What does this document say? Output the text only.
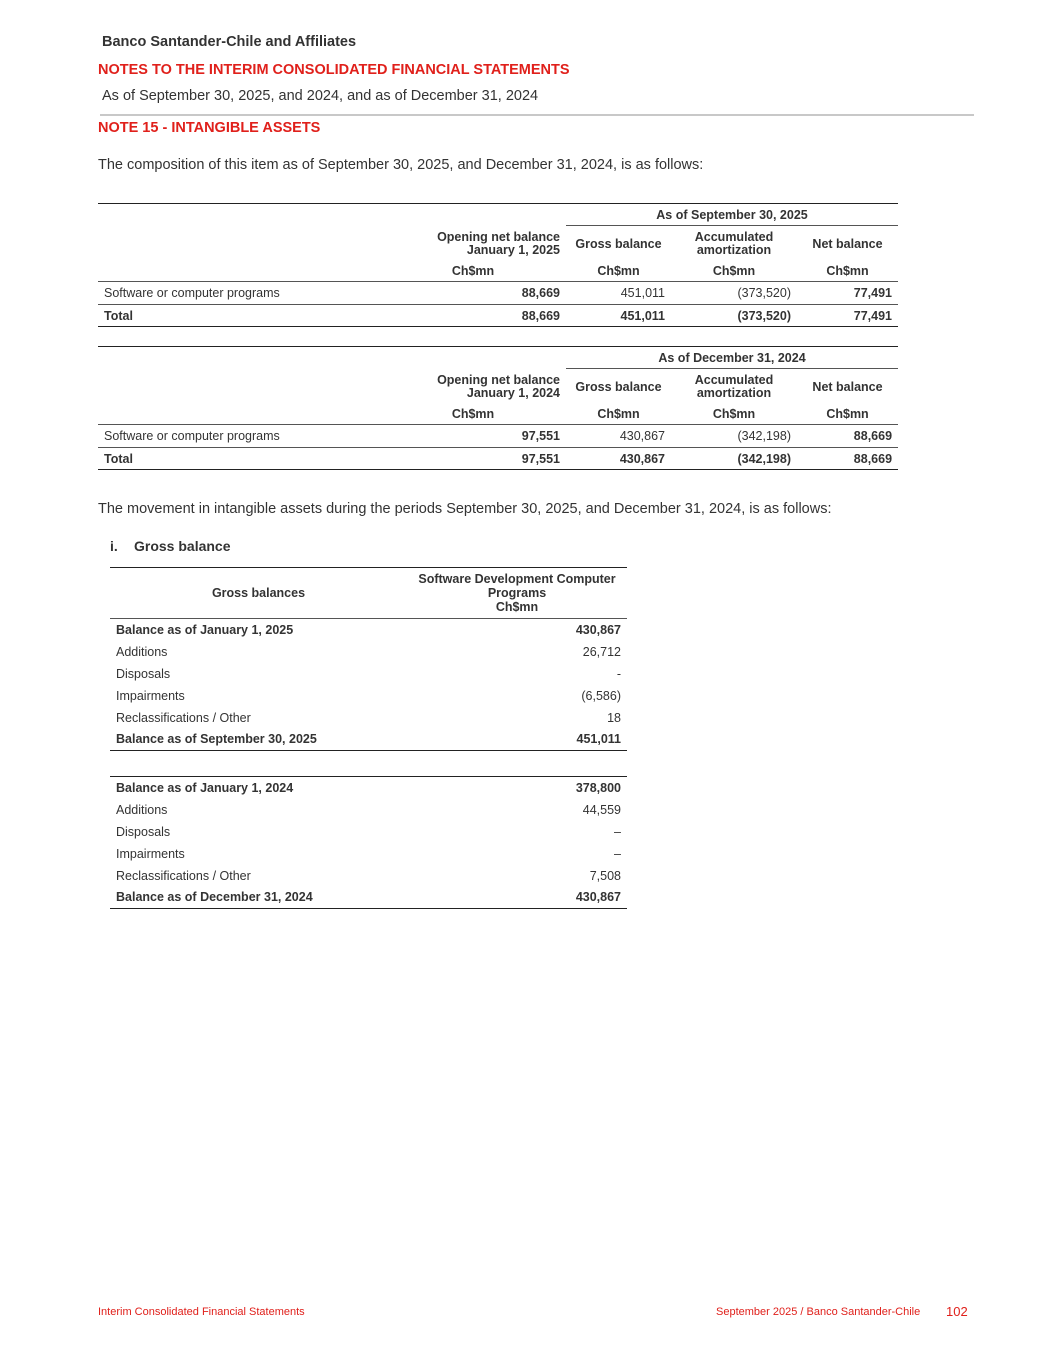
Banco Santander-Chile and Affiliates
NOTES TO THE INTERIM CONSOLIDATED FINANCIAL STATEMENTS
As of September 30, 2025, and 2024, and as of December 31, 2024
NOTE 15 - INTANGIBLE ASSETS
The composition of this item as of September 30, 2025, and December 31, 2024, is as follows:
		As of September 30, 2025		
	Opening net balance January 1, 2025	Gross balance	Accumulated amortization	Net balance
	Ch$mn	Ch$mn	Ch$mn	Ch$mn
Software or computer programs	88,669	451,011	(373,520)	77,491
Total	88,669	451,011	(373,520)	77,491
		As of December 31, 2024		
	Opening net balance January 1, 2024	Gross balance	Accumulated amortization	Net balance
	Ch$mn	Ch$mn	Ch$mn	Ch$mn
Software or computer programs	97,551	430,867	(342,198)	88,669
Total	97,551	430,867	(342,198)	88,669
The movement in intangible assets during the periods September 30, 2025, and December 31, 2024, is as follows:
i. Gross balance
Gross balances	Software Development Computer
Programs
Ch$mn

Balance as of January 1, 2025	430,867
Additions	26,712
Disposals	-
Impairments	(6,586)
Reclassifications / Other	18
Balance as of September 30, 2025	451,011
Balance as of January 1, 2024	378,800
Additions	44,559
Disposals	–
Impairments	–
Reclassifications / Other	7,508
Balance as of December 31, 2024	430,867
Interim Consolidated Financial Statements	September 2025 / Banco Santander-Chile 102
